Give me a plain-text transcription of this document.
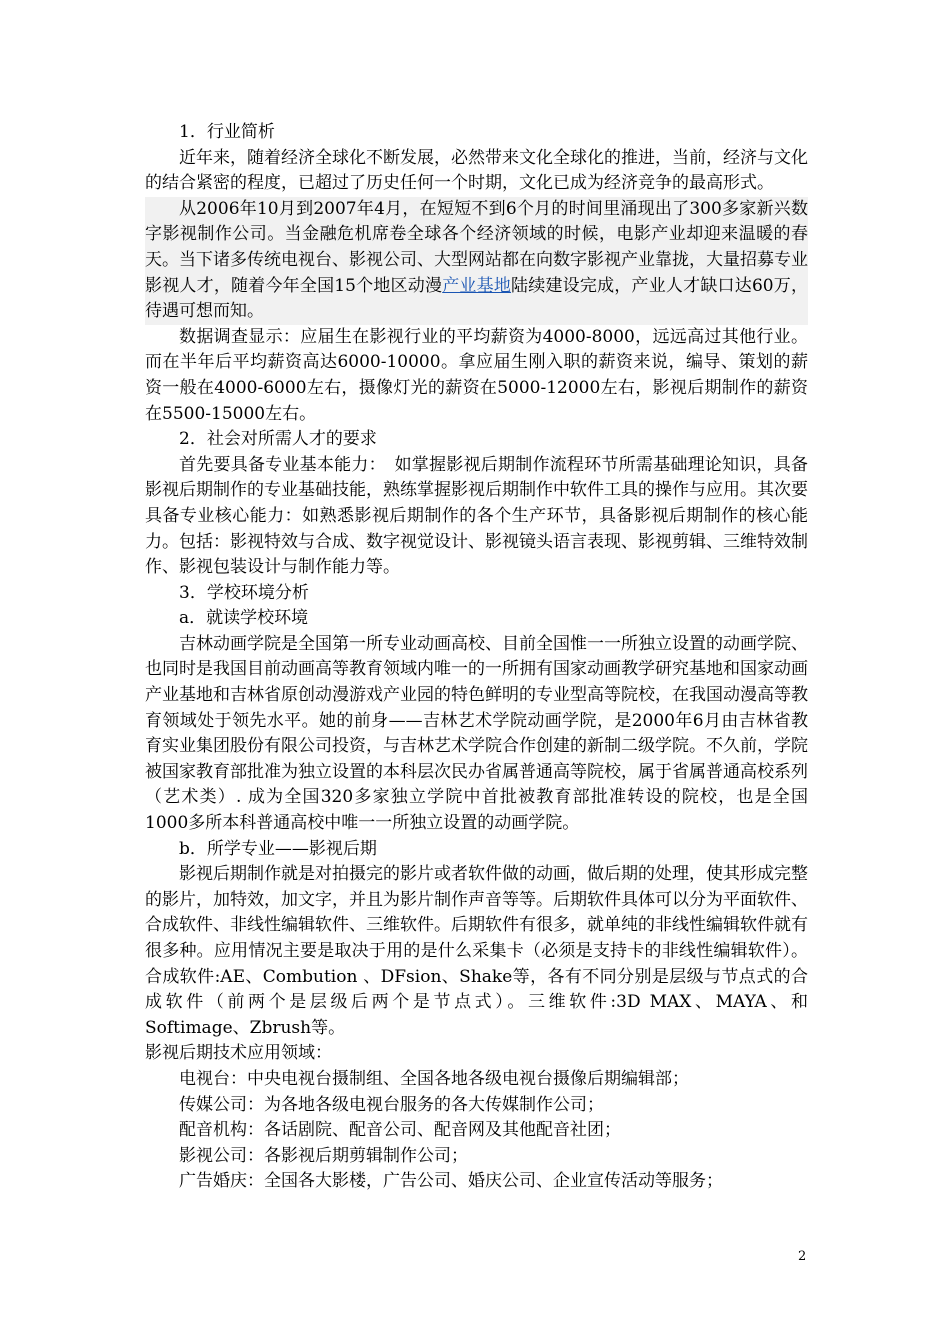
1．行业简析

近年来，随着经济全球化不断发展，必然带来文化全球化的推进，当前，经济与文化的结合紧密的程度，已超过了历史任何一个时期，文化已成为经济竞争的最高形式。

从2006年10月到2007年4月，在短短不到6个月的时间里涌现出了300多家新兴数字影视制作公司。当金融危机席卷全球各个经济领域的时候，电影产业却迎来温暖的春天。当下诸多传统电视台、影视公司、大型网站都在向数字影视产业靠拢，大量招募专业影视人才，随着今年全国15个地区动漫产业基地陆续建设完成，产业人才缺口达60万，待遇可想而知。

数据调查显示：应届生在影视行业的平均薪资为4000-8000，远远高过其他行业。而在半年后平均薪资高达6000-10000。拿应届生刚入职的薪资来说，编导、策划的薪资一般在4000-6000左右，摄像灯光的薪资在5000-12000左右，影视后期制作的薪资在5500-15000左右。

2．社会对所需人才的要求

首先要具备专业基本能力：　如掌握影视后期制作流程环节所需基础理论知识，具备影视后期制作的专业基础技能，熟练掌握影视后期制作中软件工具的操作与应用。其次要具备专业核心能力：如熟悉影视后期制作的各个生产环节，具备影视后期制作的核心能力。包括：影视特效与合成、数字视觉设计、影视镜头语言表现、影视剪辑、三维特效制作、影视包装设计与制作能力等。

3．学校环境分析

a．就读学校环境

吉林动画学院是全国第一所专业动画高校、目前全国惟一一所独立设置的动画学院、也同时是我国目前动画高等教育领域内唯一的一所拥有国家动画教学研究基地和国家动画产业基地和吉林省原创动漫游戏产业园的特色鲜明的专业型高等院校，在我国动漫高等教育领域处于领先水平。她的前身——吉林艺术学院动画学院，是2000年6月由吉林省教育实业集团股份有限公司投资，与吉林艺术学院合作创建的新制二级学院。不久前，学院被国家教育部批准为独立设置的本科层次民办省属普通高等院校，属于省属普通高校系列（艺术类）. 成为全国320多家独立学院中首批被教育部批准转设的院校，也是全国1000多所本科普通高校中唯一一所独立设置的动画学院。

b．所学专业——影视后期

影视后期制作就是对拍摄完的影片或者软件做的动画，做后期的处理，使其形成完整的影片，加特效，加文字，并且为影片制作声音等等。后期软件具体可以分为平面软件、合成软件、非线性编辑软件、三维软件。后期软件有很多，就单纯的非线性编辑软件就有很多种。应用情况主要是取决于用的是什么采集卡（必须是支持卡的非线性编辑软件）。合成软件:AE、Combution 、DFsion、Shake等，各有不同分别是层级与节点式的合成软件（前两个是层级后两个是节点式）。三维软件:3D MAX、MAYA、和Softimage、Zbrush等。

影视后期技术应用领域：

电视台：中央电视台摄制组、全国各地各级电视台摄像后期编辑部；

传媒公司：为各地各级电视台服务的各大传媒制作公司；

配音机构：各话剧院、配音公司、配音网及其他配音社团；

影视公司：各影视后期剪辑制作公司；

广告婚庆：全国各大影楼，广告公司、婚庆公司、企业宣传活动等服务；

2
